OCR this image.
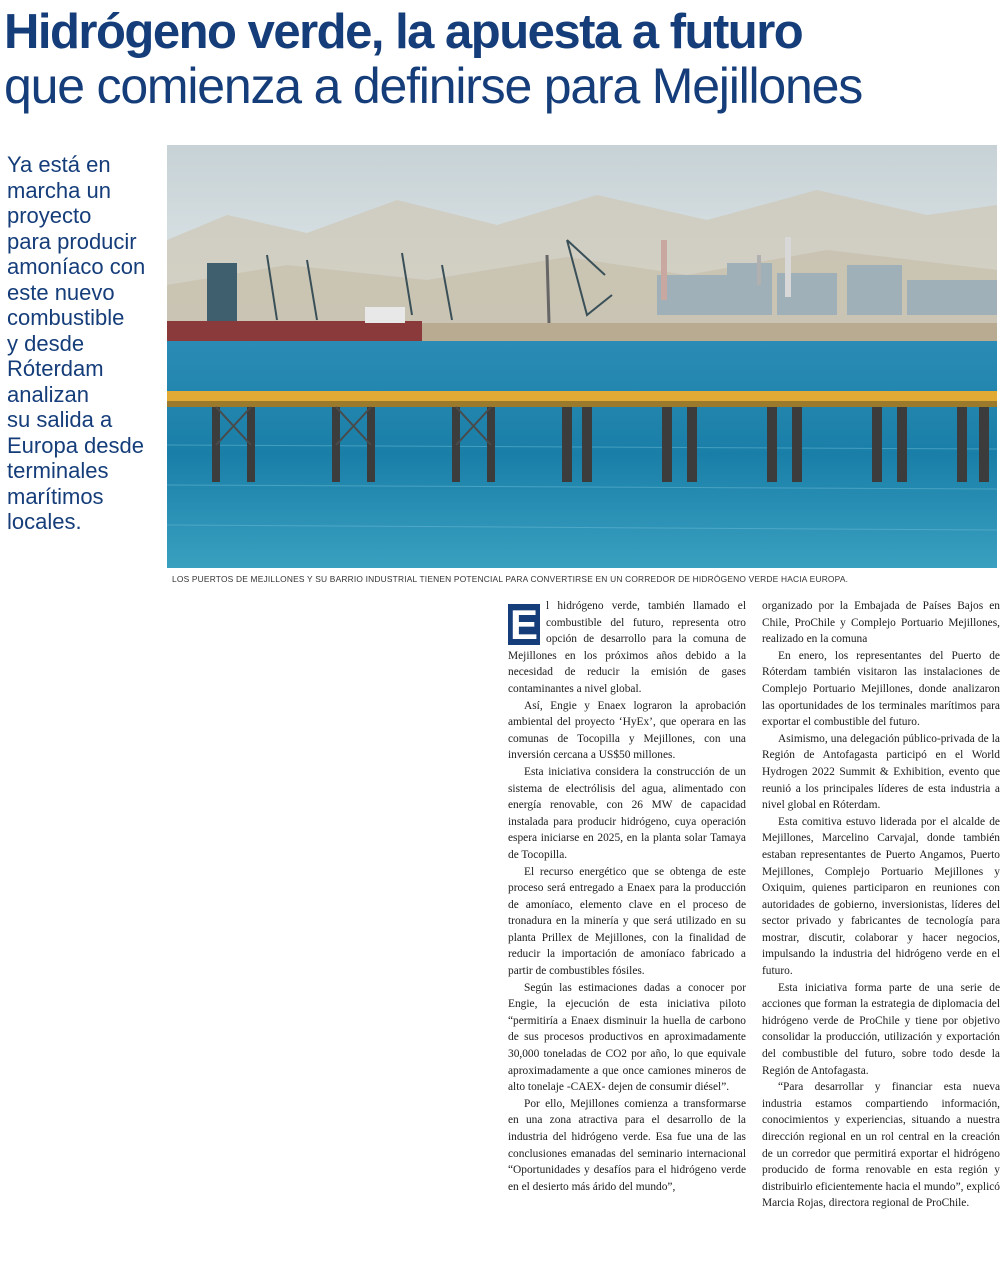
Hidrógeno verde, la apuesta a futuro
que comienza a definirse para Mejillones
Ya está en
marcha un
proyecto
para producir
amoníaco con
este nuevo
combustible
y desde
Róterdam
analizan
su salida a
Europa desde
terminales
marítimos
locales.
LOS PUERTOS DE MEJILLONES Y SU BARRIO INDUSTRIAL TIENEN POTENCIAL PARA CONVERTIRSE EN UN CORREDOR DE HIDRÓGENO VERDE HACIA EUROPA.
E l hidrógeno verde, también llamado el combustible del futuro, representa otro opción de desarrollo para la comuna de Mejillones en los próximos años debido a la necesidad de reducir la emisión de gases contaminantes a nivel global.

Así, Engie y Enaex lograron la aprobación ambiental del proyecto ‘HyEx’, que operara en las comunas de Tocopilla y Mejillones, con una inversión cercana a US$50 millones.

Esta iniciativa considera la construcción de un sistema de electrólisis del agua, alimentado con energía renovable, con 26 MW de capacidad instalada para producir hidrógeno, cuya operación espera iniciarse en 2025, en la planta solar Tamaya de Tocopilla.

El recurso energético que se obtenga de este proceso será entregado a Enaex para la producción de amoníaco, elemento clave en el proceso de tronadura en la minería y que será utilizado en su planta Prillex de Mejillones, con la finalidad de reducir la importación de amoníaco fabricado a partir de combustibles fósiles.

Según las estimaciones dadas a conocer por Engie, la ejecución de esta iniciativa piloto “permitiría a Enaex disminuir la huella de carbono de sus procesos productivos en aproximadamente 30,000 toneladas de CO2 por año, lo que equivale aproximadamente a que once camiones mineros de alto tonelaje -CAEX- dejen de consumir diésel”.

Por ello, Mejillones comienza a transformarse en una zona atractiva para el desarrollo de la industria del hidrógeno verde. Esa fue una de las conclusiones emanadas del seminario internacional “Oportunidades y desafíos para el hidrógeno verde en el desierto más árido del mundo”,

organizado por la Embajada de Países Bajos en Chile, ProChile y Complejo Portuario Mejillones, realizado en la comuna

En enero, los representantes del Puerto de Róterdam también visitaron las instalaciones de Complejo Portuario Mejillones, donde analizaron las oportunidades de los terminales marítimos para exportar el combustible del futuro.

Asimismo, una delegación público-privada de la Región de Antofagasta participó en el World Hydrogen 2022 Summit & Exhibition, evento que reunió a los principales líderes de esta industria a nivel global en Róterdam.

Esta comitiva estuvo liderada por el alcalde de Mejillones, Marcelino Carvajal, donde también estaban representantes de Puerto Angamos, Puerto Mejillones, Complejo Portuario Mejillones y Oxiquim, quienes participaron en reuniones con autoridades de gobierno, inversionistas, líderes del sector privado y fabricantes de tecnología para mostrar, discutir, colaborar y hacer negocios, impulsando la industria del hidrógeno verde en el futuro.

Esta iniciativa forma parte de una serie de acciones que forman la estrategia de diplomacia del hidrógeno verde de ProChile y tiene por objetivo consolidar la producción, utilización y exportación del combustible del futuro, sobre todo desde la Región de Antofagasta.

“Para desarrollar y financiar esta nueva industria estamos compartiendo información, conocimientos y experiencias, situando a nuestra dirección regional en un rol central en la creación de un corredor que permitirá exportar el hidrógeno producido de forma renovable en esta región y distribuirlo eficientemente hacia el mundo”, explicó Marcia Rojas, directora regional de ProChile.
